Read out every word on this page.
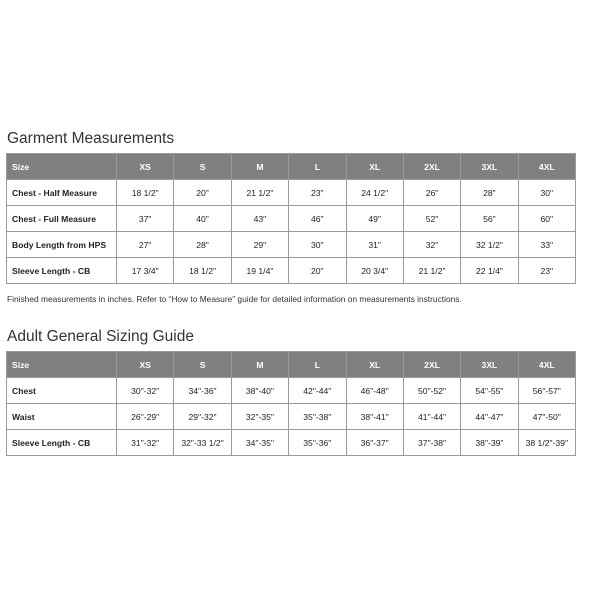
Garment Measurements
Size	XS	S	M	L	XL	2XL	3XL	4XL
Chest - Half Measure	18 1/2"	20"	21 1/2"	23"	24 1/2"	26"	28"	30"
Chest - Full Measure	37"	40"	43"	46"	49"	52"	56"	60"
Body Length from HPS	27"	28"	29"	30"	31"	32"	32 1/2"	33"
Sleeve Length - CB	17 3/4"	18 1/2"	19 1/4"	20"	20 3/4"	21 1/2"	22 1/4"	23"

Finished measurements in inches. Refer to “How to Measure” guide for detailed information on measurements instructions.

Adult General Sizing Guide
Size	XS	S	M	L	XL	2XL	3XL	4XL
Chest	30"-32"	34"-36"	38"-40"	42"-44"	46"-48"	50"-52"	54"-55"	56"-57"
Waist	26"-29"	29"-32"	32"-35"	35"-38"	38"-41"	41"-44"	44"-47"	47"-50"
Sleeve Length - CB	31"-32"	32"-33 1/2"	34"-35"	35"-36"	36"-37"	37"-38"	38"-39"	38 1/2"-39"
